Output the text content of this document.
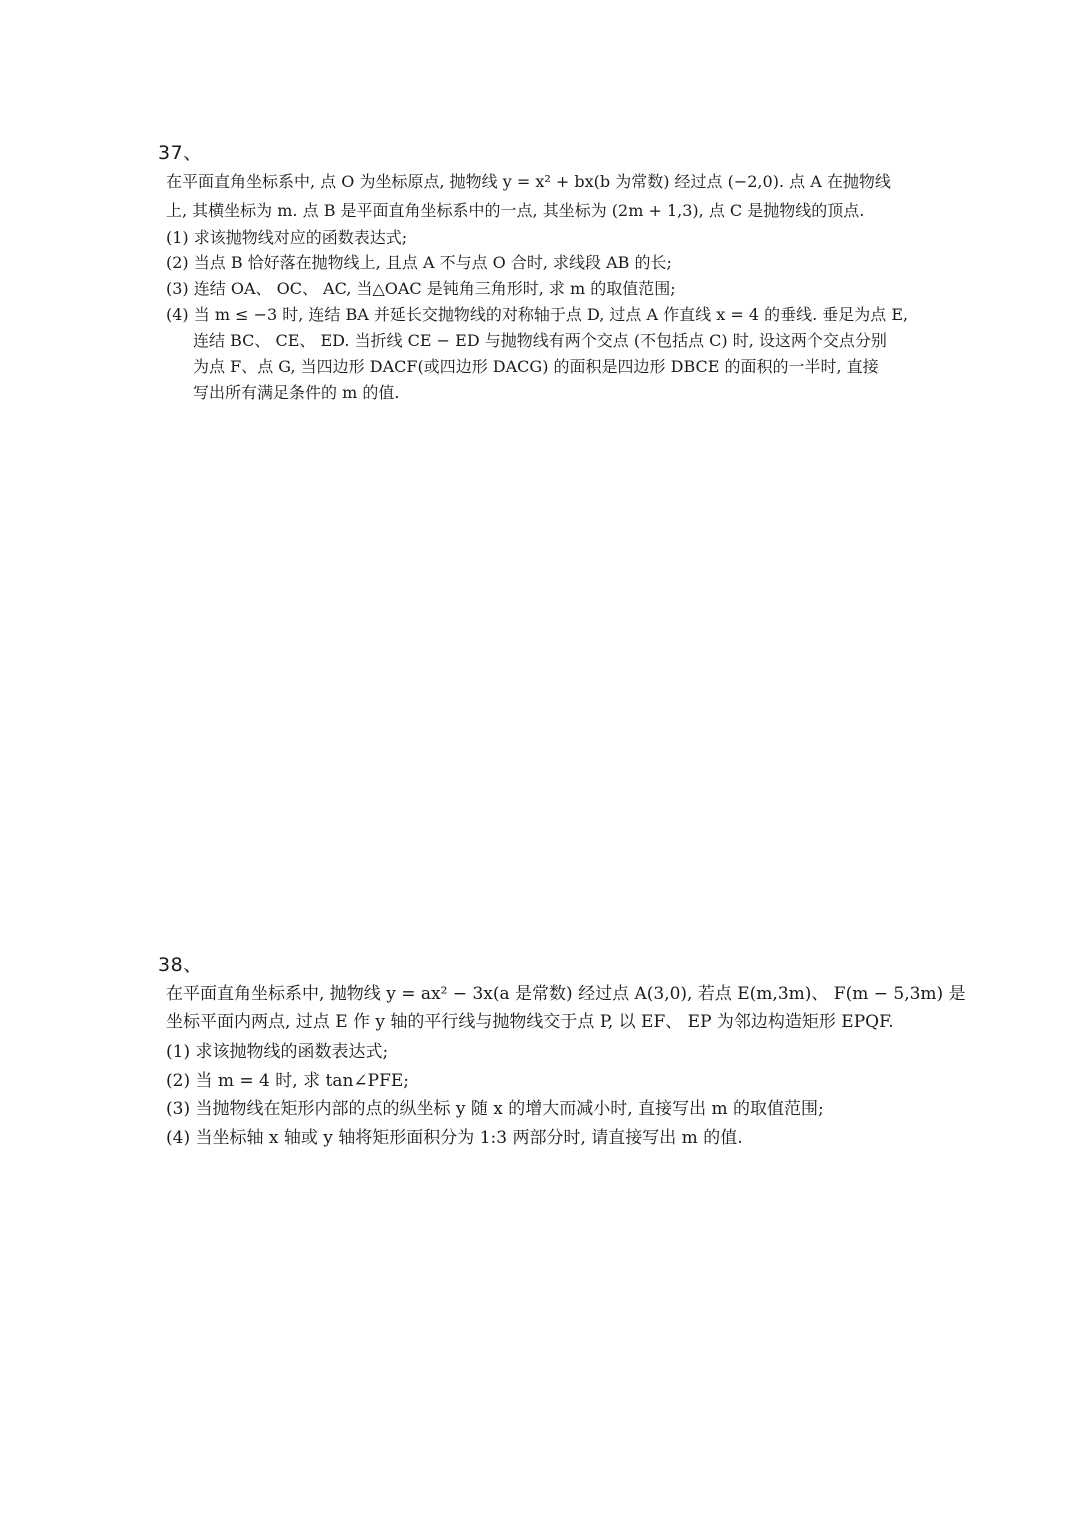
37、
在平面直角坐标系中, 点 O 为坐标原点, 抛物线 y = x² + bx(b 为常数) 经过点 (−2,0). 点 A 在抛物线
上, 其横坐标为 m. 点 B 是平面直角坐标系中的一点, 其坐标为 (2m + 1,3), 点 C 是抛物线的顶点.
(1) 求该抛物线对应的函数表达式;
(2) 当点 B 恰好落在抛物线上, 且点 A 不与点 O 合时, 求线段 AB 的长;
(3) 连结 OA、 OC、 AC, 当△OAC 是钝角三角形时, 求 m 的取值范围;
(4) 当 m ≤ −3 时, 连结 BA 并延长交抛物线的对称轴于点 D, 过点 A 作直线 x = 4 的垂线. 垂足为点 E,
连结 BC、 CE、 ED. 当折线 CE − ED 与抛物线有两个交点 (不包括点 C) 时, 设这两个交点分别
为点 F、点 G, 当四边形 DACF(或四边形 DACG) 的面积是四边形 DBCE 的面积的一半时, 直接
写出所有满足条件的 m 的值.
38、
在平面直角坐标系中, 抛物线 y = ax² − 3x(a 是常数) 经过点 A(3,0), 若点 E(m,3m)、 F(m − 5,3m) 是
坐标平面内两点, 过点 E 作 y 轴的平行线与抛物线交于点 P, 以 EF、 EP 为邻边构造矩形 EPQF.
(1) 求该抛物线的函数表达式;
(2) 当 m = 4 时, 求 tan∠PFE;
(3) 当抛物线在矩形内部的点的纵坐标 y 随 x 的增大而减小时, 直接写出 m 的取值范围;
(4) 当坐标轴 x 轴或 y 轴将矩形面积分为 1:3 两部分时, 请直接写出 m 的值.
